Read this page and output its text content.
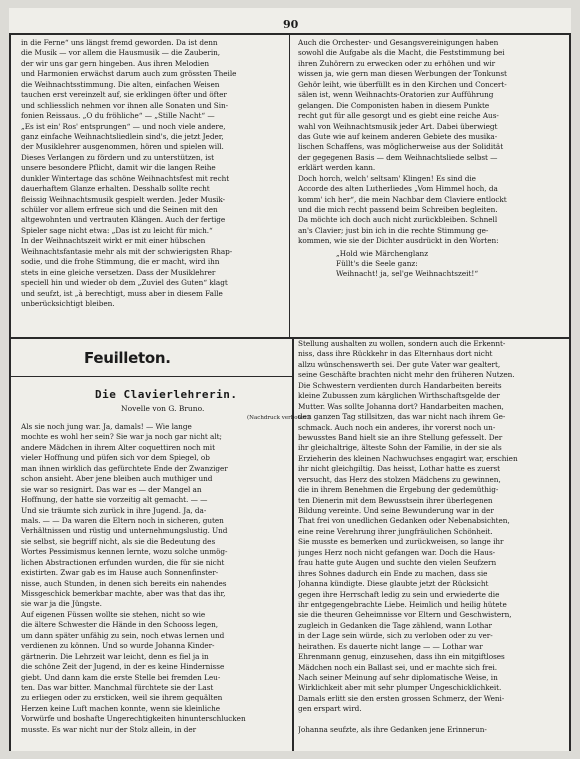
90
in die Ferne“ uns längst fremd geworden. Da ist denn
die Musik — vor allem die Hausmusik — die Zauberin,
der wir uns gar gern hingeben. Aus ihren Melodien
und Harmonien erwächst darum auch zum grössten Theile
die Weihnachtsstimmung. Die alten, einfachen Weisen
tauchen erst vereinzelt auf, sie erklingen öfter und öfter
und schliesslich nehmen vor ihnen alle Sonaten und Sin-
fonien Reissaus. „O du fröhliche“ — „Stille Nacht“ —
„Es ist ein' Ros' entsprungen“ — und noch viele andere,
ganz einfache Weihnachtsliedlein sind's, die jetzt Jeder,
der Musiklehrer ausgenommen, hören und spielen will.
Dieses Verlangen zu fördern und zu unterstützen, ist
unsere besondere Pflicht, damit wir die langen Reihe
dunkler Wintertage das schöne Weihnachtsfest mit recht
dauerhaftem Glanze erhalten. Desshalb sollte recht
fleissig Weihnachtsmusik gespielt werden. Jeder Musik-
schüler vor allem erfreue sich und die Seinen mit den
altgewohnten und vertrauten Klängen. Auch der fertige
Spieler sage nicht etwa: „Das ist zu leicht für mich.“
In der Weihnachtszeit wirkt er mit einer hübschen
Weihnachtsfantasie mehr als mit der schwierigsten Rhap-
sodie, und die frohe Stimmung, die er macht, wird ihn
stets in eine gleiche versetzen. Dass der Musiklehrer
speciell hin und wieder ob dem „Zuviel des Guten“ klagt
und seufzt, ist „à berechtigt, muss aber in diesem Falle
unberücksichtigt bleiben.
Auch die Orchester- und Gesangsvereinigungen haben
sowohl die Aufgabe als die Macht, die Feststimmung bei
ihren Zuhörern zu erwecken oder zu erhöhen und wir
wissen ja, wie gern man diesen Werbungen der Tonkunst
Gehör leiht, wie überfüllt es in den Kirchen und Concert-
sälen ist, wenn Weihnachts-Oratorien zur Aufführung
gelangen. Die Componisten haben in diesem Punkte
recht gut für alle gesorgt und es giebt eine reiche Aus-
wahl von Weihnachtsmusik jeder Art. Dabei überwiegt
das Gute wie auf keinem anderen Gebiete des musika-
lischen Schaffens, was möglicherweise aus der Solidität
der gegegenen Basis — dem Weihnachtsliede selbst —
erklärt werden kann.
Doch horch, welch' seltsam' Klingen! Es sind die
Accorde des alten Lutherliedes „Vom Himmel hoch, da
komm' ich her“, die mein Nachbar dem Claviere entlockt
und die mich recht passend beim Schreiben begleiten.
Da möchte ich doch auch nicht zurückbleiben. Schnell
an's Clavier; just bin ich in die rechte Stimmung ge-
kommen, wie sie der Dichter ausdrückt in den Worten:
„Hold wie Märchenglanz
Füllt's die Seele ganz:
Weihnacht! ja, sel'ge Weihnachtszeit!“
Feuilleton.
Die Clavierlehrerin.
Novelle von G. Bruno.
(Nachdruck verboten.)
Als sie noch jung war. Ja, damals! — Wie lange
mochte es wohl her sein? Sie war ja noch gar nicht alt;
andere Mädchen in ihrem Alter coquettiren noch mit
vieler Hoffnung und püfen sich vor dem Spiegel, ob
man ihnen wirklich das gefürchtete Ende der Zwanziger
schon ansieht. Aber jene bleiben auch muthiger und
sie war so resignirt. Das war es — der Mangel an
Hoffnung, der hatte sie vorzeitig alt gemacht. — —
Und sie träumte sich zurück in ihre Jugend. Ja, da-
mals. — — Da waren die Eltern noch in sicheren, guten
Verhältnissen und rüstig und unternehmungslustig. Und
sie selbst, sie begriff nicht, als sie die Bedeutung des
Wortes Pessimismus kennen lernte, wozu solche unmög-
lichen Abstractionen erfunden wurden, die für sie nicht
existirten. Zwar gab es im Hause auch Sonnenfinster-
nisse, auch Stunden, in denen sich bereits ein nahendes
Missgeschick bemerkbar machte, aber was that das ihr,
sie war ja die Jüngste.
Auf eigenen Füssen wollte sie stehen, nicht so wie
die ältere Schwester die Hände in den Schooss legen,
um dann später unfähig zu sein, noch etwas lernen und
verdienen zu können. Und so wurde Johanna Kinder-
gärtnerin. Die Lehrzeit war leicht, denn es fiel ja in
die schöne Zeit der Jugend, in der es keine Hindernisse
giebt. Und dann kam die erste Stelle bei fremden Leu-
ten. Das war bitter. Manchmal fürchtete sie der Last
zu erliegen oder zu ersticken, weil sie ihrem gequälten
Herzen keine Luft machen konnte, wenn sie kleinliche
Vorwürfe und boshafte Ungerechtigkeiten hinunterschlucken
musste. Es war nicht nur der Stolz allein, in der
Stellung aushalten zu wollen, sondern auch die Erkennt-
niss, dass ihre Rückkehr in das Elternhaus dort nicht
allzu wünschenswerth sei. Der gute Vater war gealtert,
seine Geschäfte brachten nicht mehr den früheren Nutzen.
Die Schwestern verdienten durch Handarbeiten bereits
kleine Zubussen zum kärglichen Wirthschaftsgelde der
Mutter. Was sollte Johanna dort? Handarbeiten machen,
den ganzen Tag stillsitzen, das war nicht nach ihrem Ge-
schmack. Auch noch ein anderes, ihr vorerst noch un-
bewusstes Band hielt sie an ihre Stellung gefesselt. Der
ihr gleichaltrige, älteste Sohn der Familie, in der sie als
Erzieherin des kleinen Nachwuchses engagirt war, erschien
ihr nicht gleichgiltig. Das heisst, Lothar hatte es zuerst
versucht, das Herz des stolzen Mädchens zu gewinnen,
die in ihrem Benehmen die Ergebung der gedemüthig-
ten Dienerin mit dem Bewusstsein ihrer überlegenen
Bildung vereinte. Und seine Bewunderung war in der
That frei von unedlichen Gedanken oder Nebenabsichten,
eine reine Verehrung ihrer jungfräulichen Schönheit.
Sie musste es bemerken und zurückweisen, so lange ihr
junges Herz noch nicht gefangen war. Doch die Haus-
frau hatte gute Augen und suchte den vielen Seufzern
ihres Sohnes dadurch ein Ende zu machen, dass sie
Johanna kündigte. Diese glaubte jetzt der Rücksicht
gegen ihre Herrschaft ledig zu sein und erwiederte die
ihr entgegengebrachte Liebe. Heimlich und heilig hütete
sie die theuren Geheimnisse vor Eltern und Geschwistern,
zugleich in Gedanken die Tage zählend, wann Lothar
in der Lage sein würde, sich zu verloben oder zu ver-
heirathen. Es dauerte nicht lange — — Lothar war
Ehrenmann genug, einzusehen, dass ihn ein mitgiftloses
Mädchen noch ein Ballast sei, und er machte sich frei.
Nach seiner Meinung auf sehr diplomatische Weise, in
Wirklichkeit aber mit sehr plumper Ungeschicklichkeit.
Damals erlitt sie den ersten grossen Schmerz, der Weni-
gen erspart wird.
Johanna seufzte, als ihre Gedanken jene Erinnerun-
